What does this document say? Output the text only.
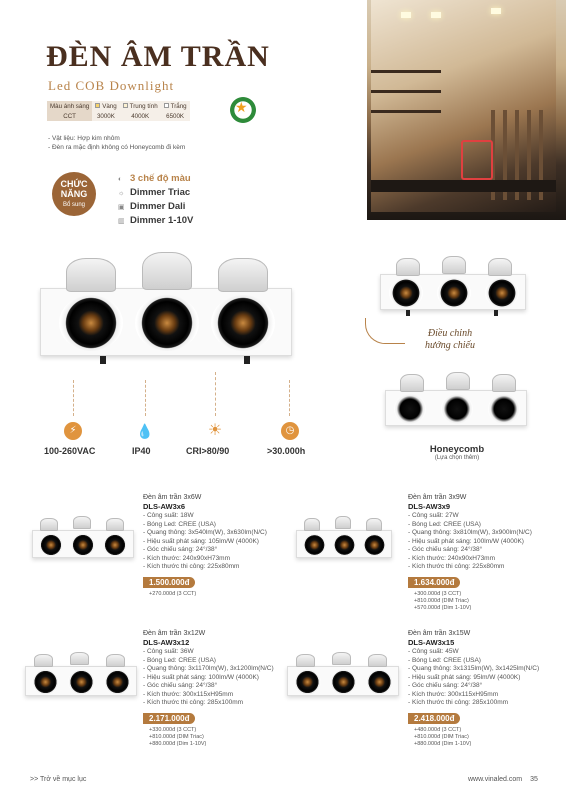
ĐÈN ÂM TRẦN
Led COB Downlight
Màu ánh sáng	Vàng	Trung tính	Trắng
CCT	3000K	4000K	6500K
★
- Vật liệu: Hợp kim nhôm
- Đèn ra mặc định không có Honeycomb đi kèm
CHỨC
NĂNG
Bổ sung
◐ 3 chế độ màu
☼ Dimmer Triac
▣ Dimmer Dali
▥ Dimmer 1-10V
Điều chỉnh
hướng chiếu
Honeycomb
(Lựa chọn thêm)
⚡
100-260VAC
💧
IP40
☀
CRI>80/90
◷
>30.000h
Đèn âm trần 3x6W
DLS-AW3x6
- Công suất: 18W
- Bóng Led: CREE (USA)
- Quang thông: 3x540lm(W), 3x630lm(N/C)
- Hiệu suất phát sáng: 105lm/W (4000K)
- Góc chiếu sáng: 24°/38°
- Kích thước: 240x90xH73mm
- Kích thước thi công: 225x80mm
1.500.000đ
+270.000đ (3 CCT)
Đèn âm trần 3x9W
DLS-AW3x9
- Công suất: 27W
- Bóng Led: CREE (USA)
- Quang thông: 3x810lm(W), 3x900lm(N/C)
- Hiệu suất phát sáng: 100lm/W (4000K)
- Góc chiếu sáng: 24°/38°
- Kích thước: 240x90xH73mm
- Kích thước thi công: 225x80mm
1.634.000đ
+300.000đ (3 CCT)
+810.000đ (DIM Triac)
+570.000đ (Dim 1-10V)
Đèn âm trần 3x12W
DLS-AW3x12
- Công suất: 36W
- Bóng Led: CREE (USA)
- Quang thông: 3x1170lm(W), 3x1200lm(N/C)
- Hiệu suất phát sáng: 100lm/W (4000K)
- Góc chiếu sáng: 24°/38°
- Kích thước: 300x115xH95mm
- Kích thước thi công: 285x100mm
2.171.000đ
+330.000đ (3 CCT)
+810.000đ (DIM Triac)
+880.000đ (Dim 1-10V)
Đèn âm trần 3x15W
DLS-AW3x15
- Công suất: 45W
- Bóng Led: CREE (USA)
- Quang thông: 3x1315lm(W), 3x1425lm(N/C)
- Hiệu suất phát sáng: 95lm/W (4000K)
- Góc chiếu sáng: 24°/38°
- Kích thước: 300x115xH95mm
- Kích thước thi công: 285x100mm
2.418.000đ
+480.000đ (3 CCT)
+810.000đ (DIM Triac)
+880.000đ (Dim 1-10V)
>> Trở về mục lục	www.vinaled.com 35
